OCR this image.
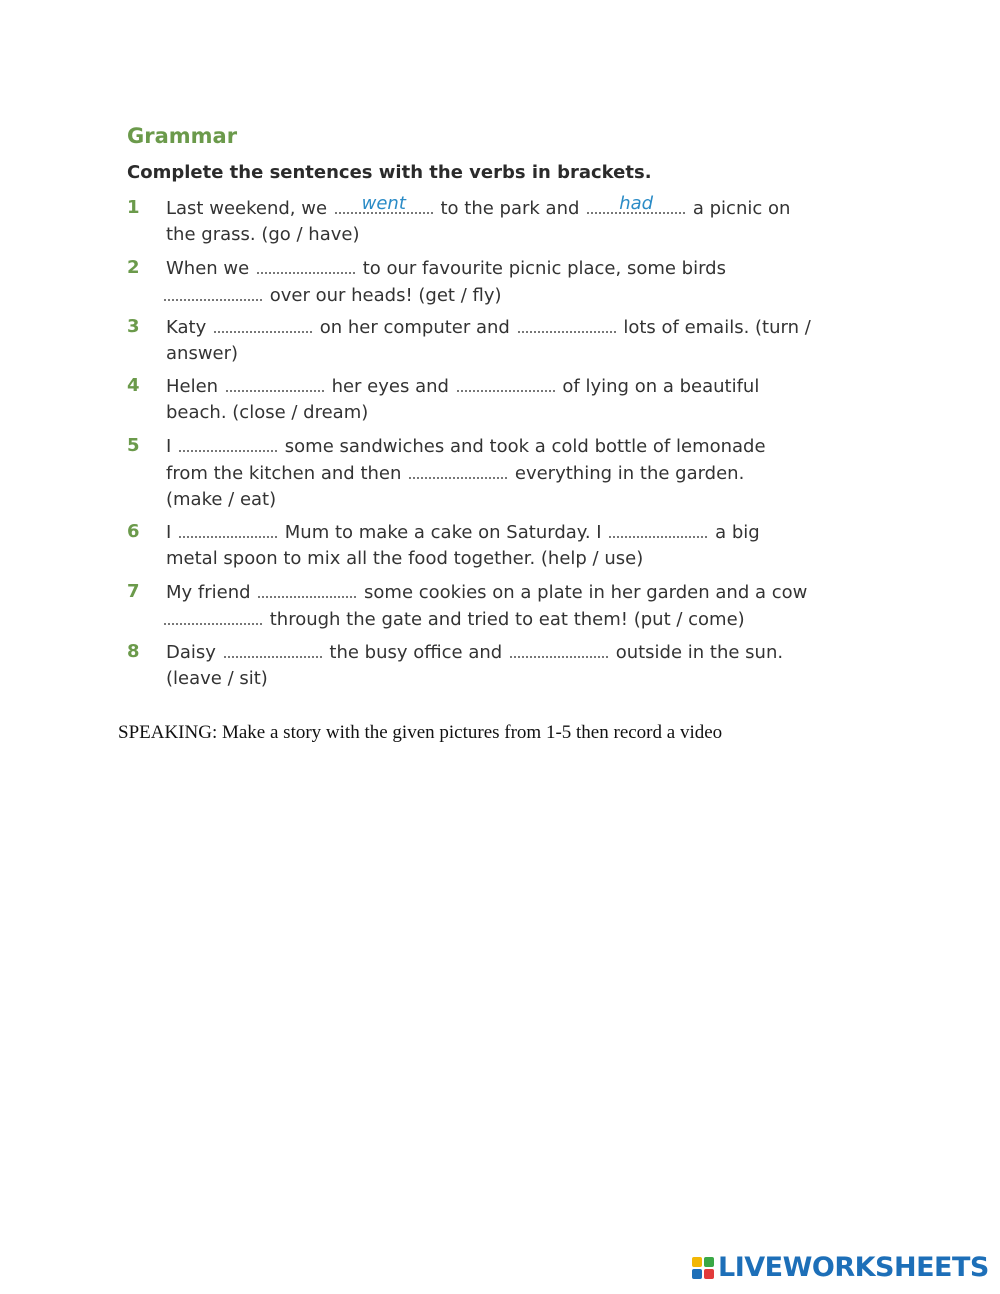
Grammar
Complete the sentences with the verbs in brackets.
1 Last weekend, we	went	to the park and	had	a picnic on
the grass. (go / have)
2 When we	to our favourite picnic place, some birds
over our heads! (get / fly)
3 Katy	on her computer and	lots of emails. (turn /
answer)
4 Helen	her eyes and	of lying on a beautiful
beach. (close / dream)
5 I	some sandwiches and took a cold bottle of lemonade
from the kitchen and then	everything in the garden.
(make / eat)
6 I	Mum to make a cake on Saturday. I	a big
metal spoon to mix all the food together. (help / use)
7 My friend	some cookies on a plate in her garden and a cow
through the gate and tried to eat them! (put / come)
8 Daisy	the busy office and	outside in the sun.
(leave / sit)
SPEAKING: Make a story with the given pictures from 1-5 then record a video
LIVEWORKSHEETS
